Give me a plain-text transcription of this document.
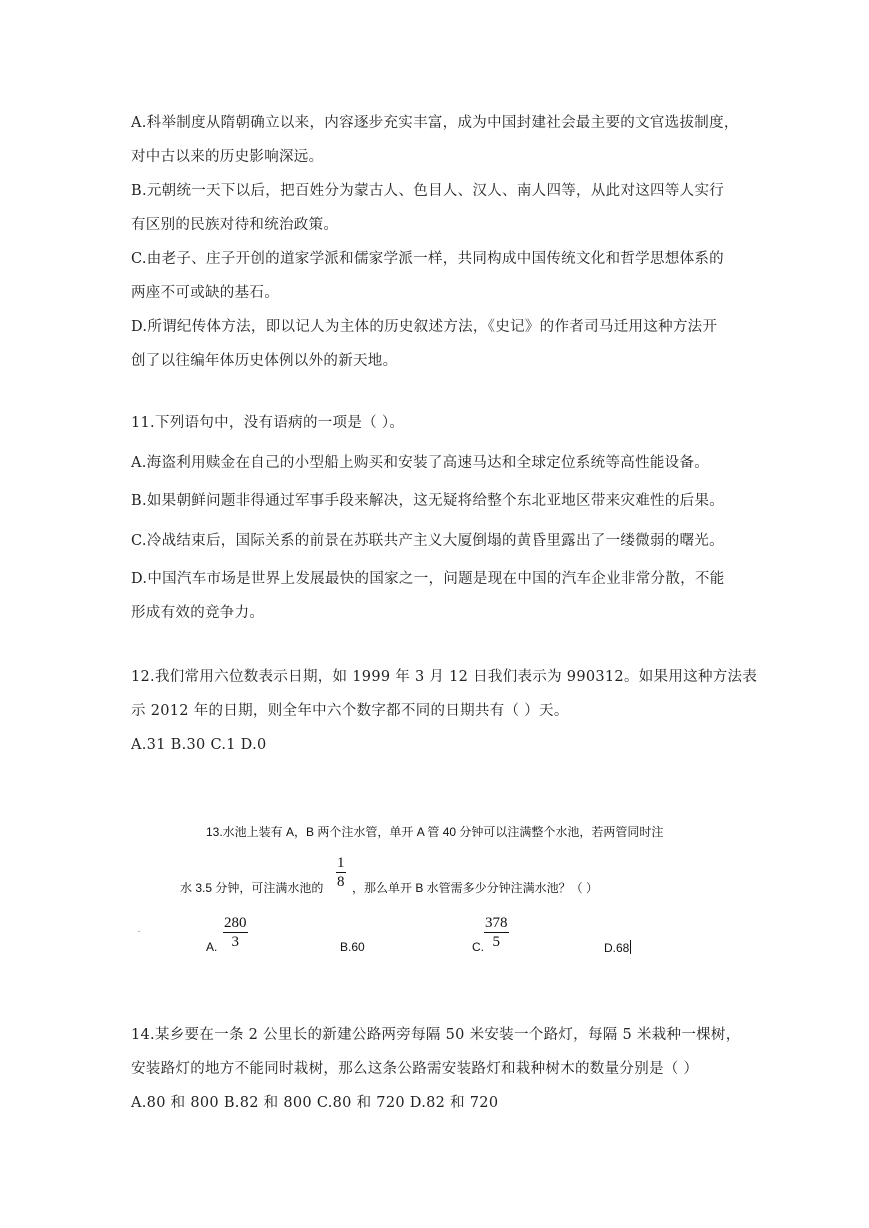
A.科举制度从隋朝确立以来，内容逐步充实丰富，成为中国封建社会最主要的文官选拔制度，
对中古以来的历史影响深远。
B.元朝统一天下以后，把百姓分为蒙古人、色目人、汉人、南人四等，从此对这四等人实行
有区别的民族对待和统治政策。
C.由老子、庄子开创的道家学派和儒家学派一样，共同构成中国传统文化和哲学思想体系的
两座不可或缺的基石。
D.所谓纪传体方法，即以记人为主体的历史叙述方法，《史记》的作者司马迁用这种方法开
创了以往编年体历史体例以外的新天地。
11.下列语句中，没有语病的一项是（ ）。
A.海盗利用赎金在自己的小型船上购买和安装了高速马达和全球定位系统等高性能设备。
B.如果朝鲜问题非得通过军事手段来解决，这无疑将给整个东北亚地区带来灾难性的后果。
C.冷战结束后，国际关系的前景在苏联共产主义大厦倒塌的黄昏里露出了一缕微弱的曙光。
D.中国汽车市场是世界上发展最快的国家之一，问题是现在中国的汽车企业非常分散，不能
形成有效的竞争力。
12.我们常用六位数表示日期，如 1999 年 3 月 12 日我们表示为 990312。如果用这种方法表
示 2012 年的日期，则全年中六个数字都不同的日期共有（ ）天。
A.31 B.30 C.1 D.0
13.水池上装有 A，B 两个注水管，单开 A 管 40 分钟可以注满整个水池，若两管同时注
水 3.5 分钟，可注满水池的 $\frac{1}{8}$ ，那么单开 B 水管需多少分钟注满水池？（ ）
˘
A. $\frac{280}{3}$	B.60	C. $\frac{378}{5}$	D.68
14.某乡要在一条 2 公里长的新建公路两旁每隔 50 米安装一个路灯，每隔 5 米栽种一棵树，
安装路灯的地方不能同时栽树，那么这条公路需安装路灯和栽种树木的数量分别是（ ）
A.80 和 800 B.82 和 800 C.80 和 720 D.82 和 720
